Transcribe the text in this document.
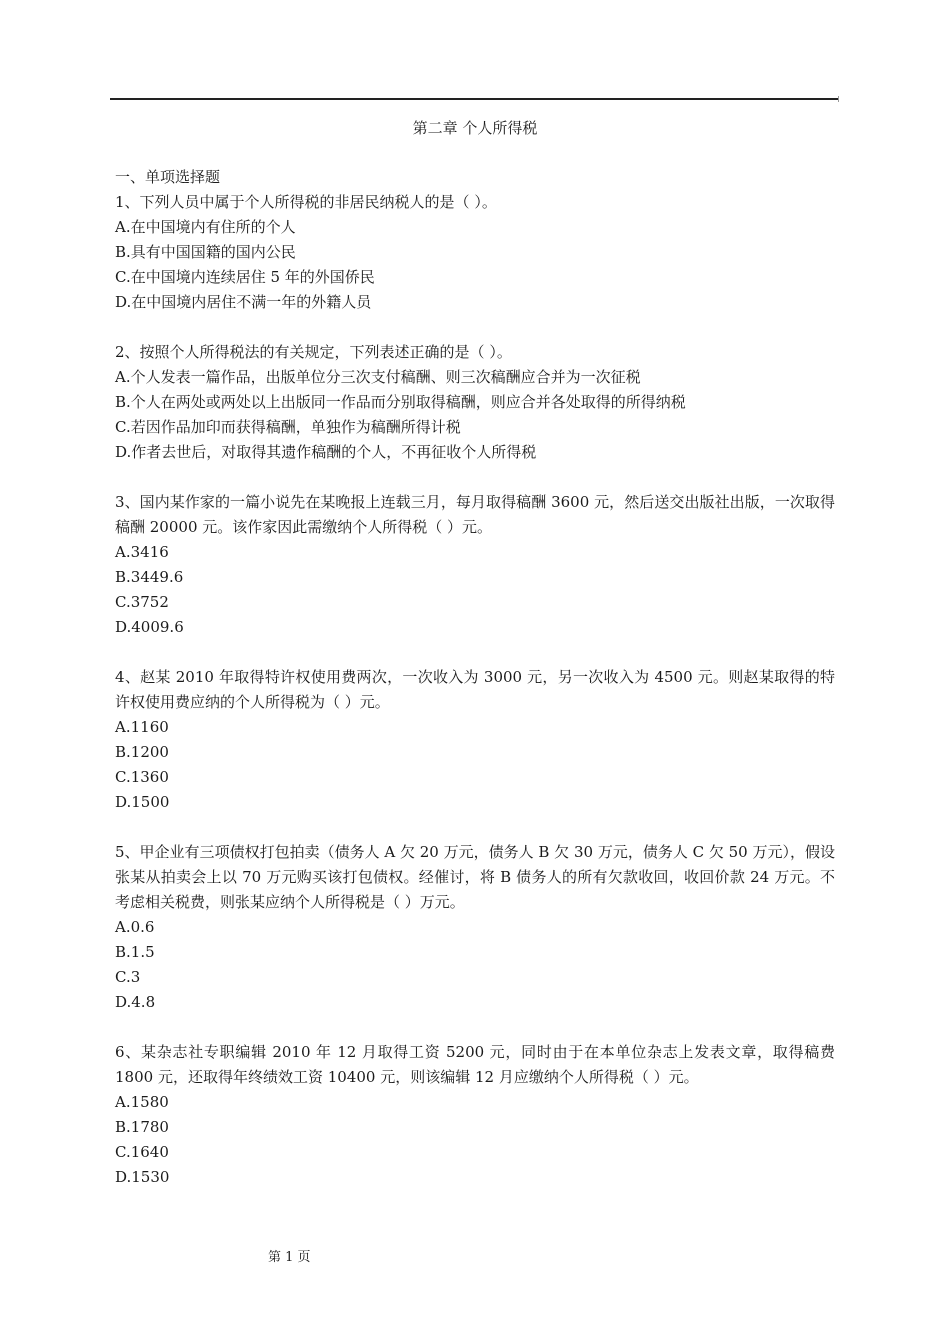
第二章 个人所得税
一、单项选择题

1、下列人员中属于个人所得税的非居民纳税人的是（ ）。

A.在中国境内有住所的个人
B.具有中国国籍的国内公民
C.在中国境内连续居住 5 年的外国侨民
D.在中国境内居住不满一年的外籍人员

2、按照个人所得税法的有关规定，下列表述正确的是（ ）。

A.个人发表一篇作品，出版单位分三次支付稿酬、则三次稿酬应合并为一次征税
B.个人在两处或两处以上出版同一作品而分别取得稿酬，则应合并各处取得的所得纳税
C.若因作品加印而获得稿酬，单独作为稿酬所得计税
D.作者去世后，对取得其遗作稿酬的个人，不再征收个人所得税

3、国内某作家的一篇小说先在某晚报上连载三月，每月取得稿酬 3600 元，然后送交出版社出版，一次取得稿酬 20000 元。该作家因此需缴纳个人所得税（ ）元。

A.3416
B.3449.6
C.3752
D.4009.6

4、赵某 2010 年取得特许权使用费两次，一次收入为 3000 元，另一次收入为 4500 元。则赵某取得的特许权使用费应纳的个人所得税为（ ）元。

A.1160
B.1200
C.1360
D.1500

5、甲企业有三项债权打包拍卖（债务人 A 欠 20 万元，债务人 B 欠 30 万元，债务人 C 欠 50 万元），假设张某从拍卖会上以 70 万元购买该打包债权。经催讨，将 B 债务人的所有欠款收回，收回价款 24 万元。不考虑相关税费，则张某应纳个人所得税是（ ）万元。

A.0.6
B.1.5
C.3
D.4.8

6、某杂志社专职编辑 2010 年 12 月取得工资 5200 元，同时由于在本单位杂志上发表文章，取得稿费 1800 元，还取得年终绩效工资 10400 元，则该编辑 12 月应缴纳个人所得税（ ）元。

A.1580
B.1780
C.1640
D.1530
第 1 页
